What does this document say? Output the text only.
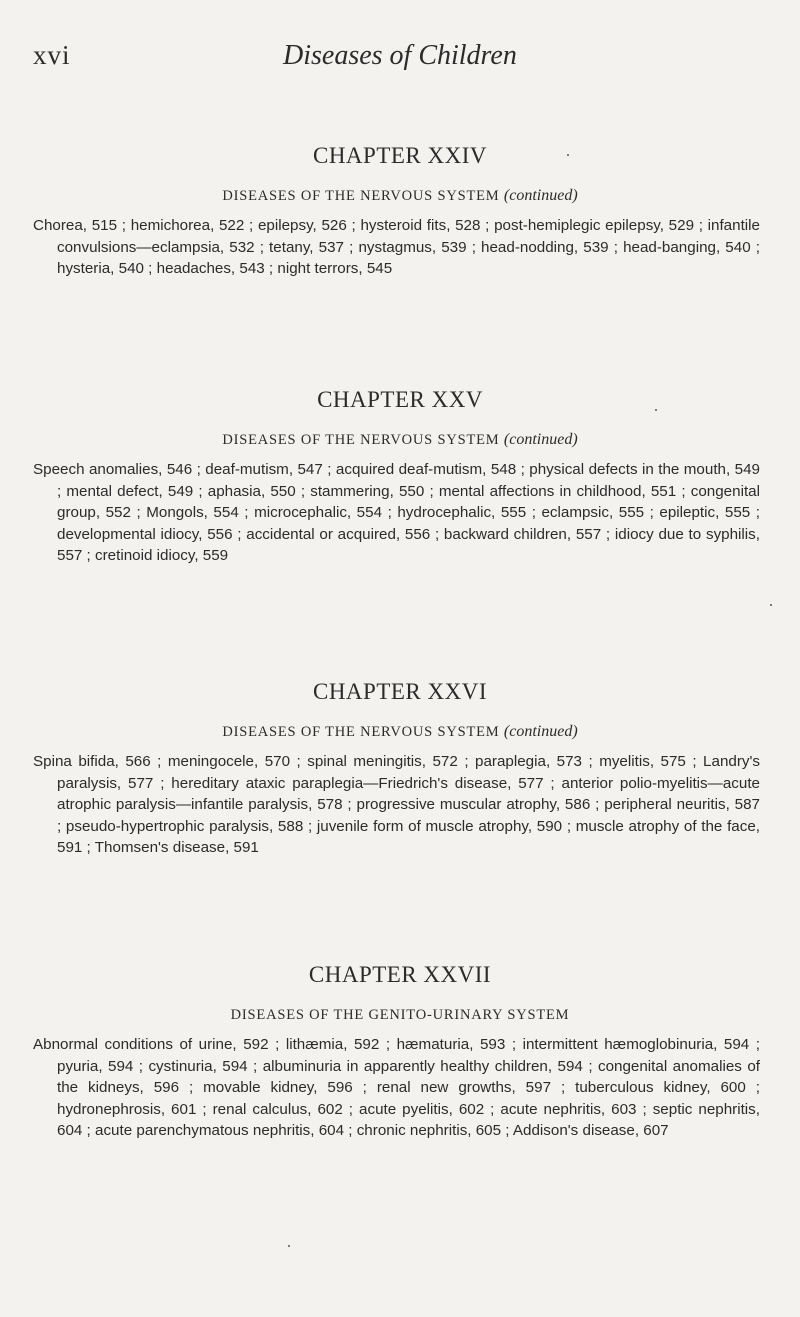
xvi	Diseases of Children
CHAPTER XXIV
DISEASES OF THE NERVOUS SYSTEM (continued)

Chorea, 515 ; hemichorea, 522 ; epilepsy, 526 ; hysteroid fits, 528 ; post-hemiplegic epilepsy, 529 ; infantile convulsions—eclampsia, 532 ; tetany, 537 ; nystagmus, 539 ; head-nodding, 539 ; head-banging, 540 ; hysteria, 540 ; headaches, 543 ; night terrors, 545

CHAPTER XXV
DISEASES OF THE NERVOUS SYSTEM (continued)

Speech anomalies, 546 ; deaf-mutism, 547 ; acquired deaf-mutism, 548 ; physical defects in the mouth, 549 ; mental defect, 549 ; aphasia, 550 ; stammering, 550 ; mental affections in childhood, 551 ; congenital group, 552 ; Mongols, 554 ; microcephalic, 554 ; hydrocephalic, 555 ; eclampsic, 555 ; epileptic, 555 ; developmental idiocy, 556 ; accidental or acquired, 556 ; backward children, 557 ; idiocy due to syphilis, 557 ; cretinoid idiocy, 559

CHAPTER XXVI
DISEASES OF THE NERVOUS SYSTEM (continued)

Spina bifida, 566 ; meningocele, 570 ; spinal meningitis, 572 ; paraplegia, 573 ; myelitis, 575 ; Landry's paralysis, 577 ; hereditary ataxic paraplegia—Friedrich's disease, 577 ; anterior polio-myelitis—acute atrophic paralysis—infantile paralysis, 578 ; progressive muscular atrophy, 586 ; peripheral neuritis, 587 ; pseudo-hypertrophic paralysis, 588 ; juvenile form of muscle atrophy, 590 ; muscle atrophy of the face, 591 ; Thomsen's disease, 591

CHAPTER XXVII
DISEASES OF THE GENITO-URINARY SYSTEM

Abnormal conditions of urine, 592 ; lithæmia, 592 ; hæmaturia, 593 ; intermittent hæmoglobinuria, 594 ; pyuria, 594 ; cystinuria, 594 ; albuminuria in apparently healthy children, 594 ; congenital anomalies of the kidneys, 596 ; movable kidney, 596 ; renal new growths, 597 ; tuberculous kidney, 600 ; hydronephrosis, 601 ; renal calculus, 602 ; acute pyelitis, 602 ; acute nephritis, 603 ; septic nephritis, 604 ; acute parenchymatous nephritis, 604 ; chronic nephritis, 605 ; Addison's disease, 607
